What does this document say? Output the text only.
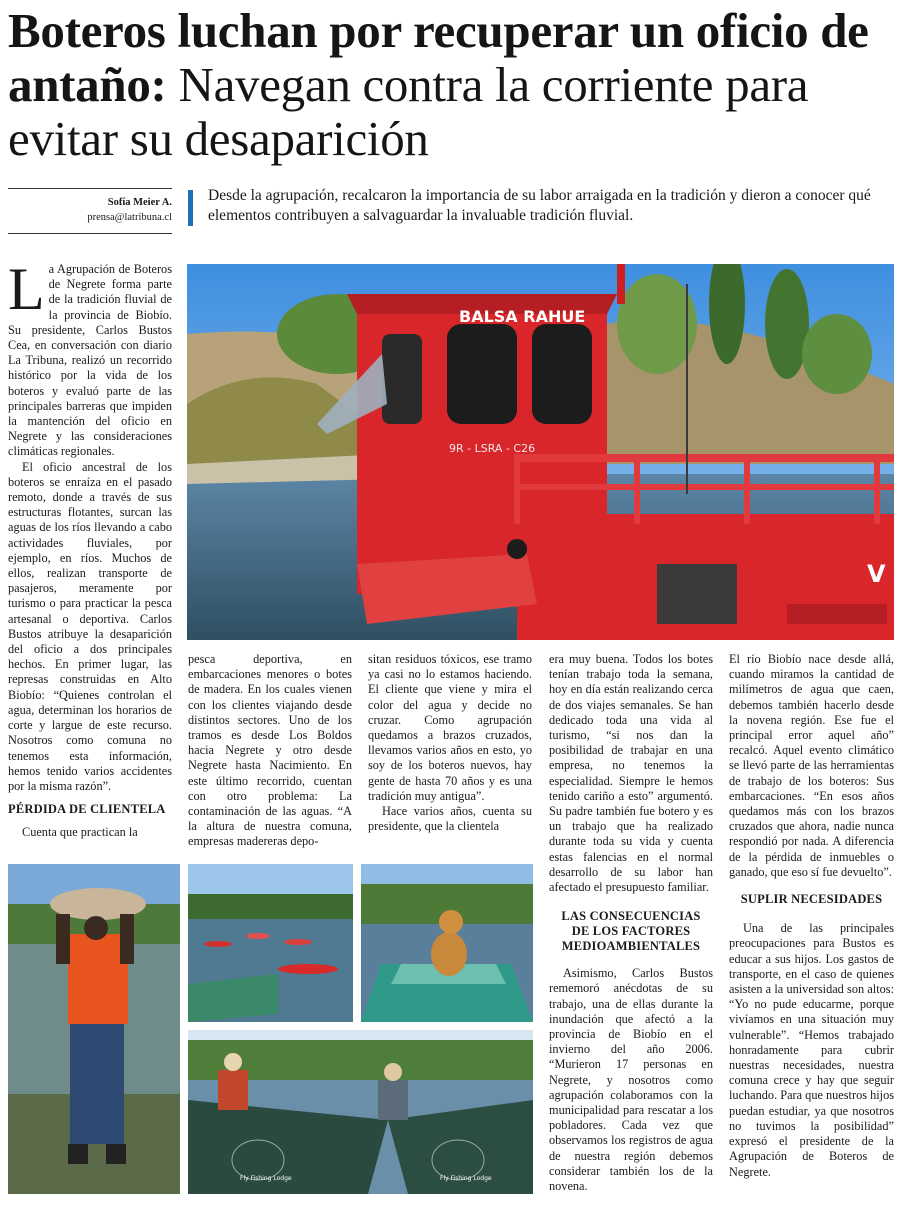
Boteros luchan por recuperar un oficio de antaño: Navegan contra la corriente para evitar su desaparición
Sofía Meier A.
prensa@latribuna.cl

Desde la agrupación, recalcaron la importancia de su labor arraigada en la tradición y dieron a conocer qué elementos contribuyen a salvaguardar la invaluable tradición fluvial.

BALSA RAHUE
9R - LSRA - C26
V

La Agrupación de Boteros de Negrete forma parte de la tradición fluvial de la provincia de Biobío. Su presidente, Carlos Bustos Cea, en conversación con diario La Tribuna, realizó un recorrido histórico por la vida de los boteros y evaluó parte de las principales barreras que impiden la mantención del oficio en Negrete y las consideraciones climáticas regionales.

El oficio ancestral de los boteros se enraíza en el pasado remoto, donde a través de sus estructuras flotantes, surcan las aguas de los ríos llevando a cabo actividades fluviales, por ejemplo, en ríos. Muchos de ellos, realizan transporte de pasajeros, meramente por turismo o para practicar la pesca artesanal o deportiva. Carlos Bustos atribuye la desaparición del oficio a dos principales hechos. En primer lugar, las represas construidas en Alto Biobío: “Quienes controlan el agua, determinan los horarios de corte y largue de este recurso. Nosotros como comuna no tenemos esta información, hemos tenido varios accidentes por la misma razón”.

PÉRDIDA DE CLIENTELA

Cuenta que practican la

pesca deportiva, en embarcaciones menores o botes de madera. En los cuales vienen con los clientes viajando desde distintos sectores. Uno de los tramos es desde Los Boldos hacia Negrete y otro desde Negrete hasta Nacimiento. En este último recorrido, cuentan con otro problema: La contaminación de las aguas. “A la altura de nuestra comuna, empresas madereras depo-

sitan residuos tóxicos, ese tramo ya casi no lo estamos haciendo. El cliente que viene y mira el color del agua y decide no cruzar. Como agrupación quedamos a brazos cruzados, llevamos varios años en esto, yo soy de los boteros nuevos, hay gente de hasta 70 años y es una tradición muy antigua”.

Hace varios años, cuenta su presidente, que la clientela

era muy buena. Todos los botes tenían trabajo toda la semana, hoy en día están realizando cerca de dos viajes semanales. Se han dedicado toda una vida al turismo, “si nos dan la posibilidad de trabajar en una empresa, no tenemos la especialidad. Siempre le hemos tenido cariño a esto” argumentó. Su padre también fue botero y es un trabajo que ha realizado durante toda su vida y cuenta estas falencias en el normal desarrollo de su labor han afectado el presupuesto familiar.

LAS CONSECUENCIAS
DE LOS FACTORES
MEDIOAMBIENTALES

Asimismo, Carlos Bustos rememoró anécdotas de su trabajo, una de ellas durante la inundación que afectó a la provincia de Biobío en el invierno del año 2006. “Murieron 17 personas en Negrete, y nosotros como agrupación colaboramos con la municipalidad para rescatar a los pobladores. Cada vez que observamos los registros de agua de nuestra región debemos considerar también los de la novena.

El río Biobío nace desde allá, cuando miramos la cantidad de milímetros de agua que caen, debemos también hacerlo desde la novena región. Ese fue el principal error aquel año” recalcó. Aquel evento climático se llevó parte de las herramientas de trabajo de los boteros: Sus embarcaciones. “En esos años quedamos más con los brazos cruzados que ahora, nadie nunca respondió por nada. A diferencia de la pérdida de inmuebles o ganado, que eso sí fue devuelto”.

SUPLIR NECESIDADES

Una de las principales preocupaciones para Bustos es educar a sus hijos. Los gastos de transporte, en el caso de quienes asisten a la universidad son altos: “Yo no pude educarme, porque vivíamos en una situación muy vulnerable”. “Hemos trabajado honradamente para cubrir nuestras necesidades, nuestra comuna crece y hay que seguir luchando. Para que nuestros hijos puedan estudiar, ya que nosotros no tuvimos la posibilidad” expresó el presidente de la Agrupación de Boteros de Negrete.

Fly Fishing Lodge	Fly Fishing Lodge
